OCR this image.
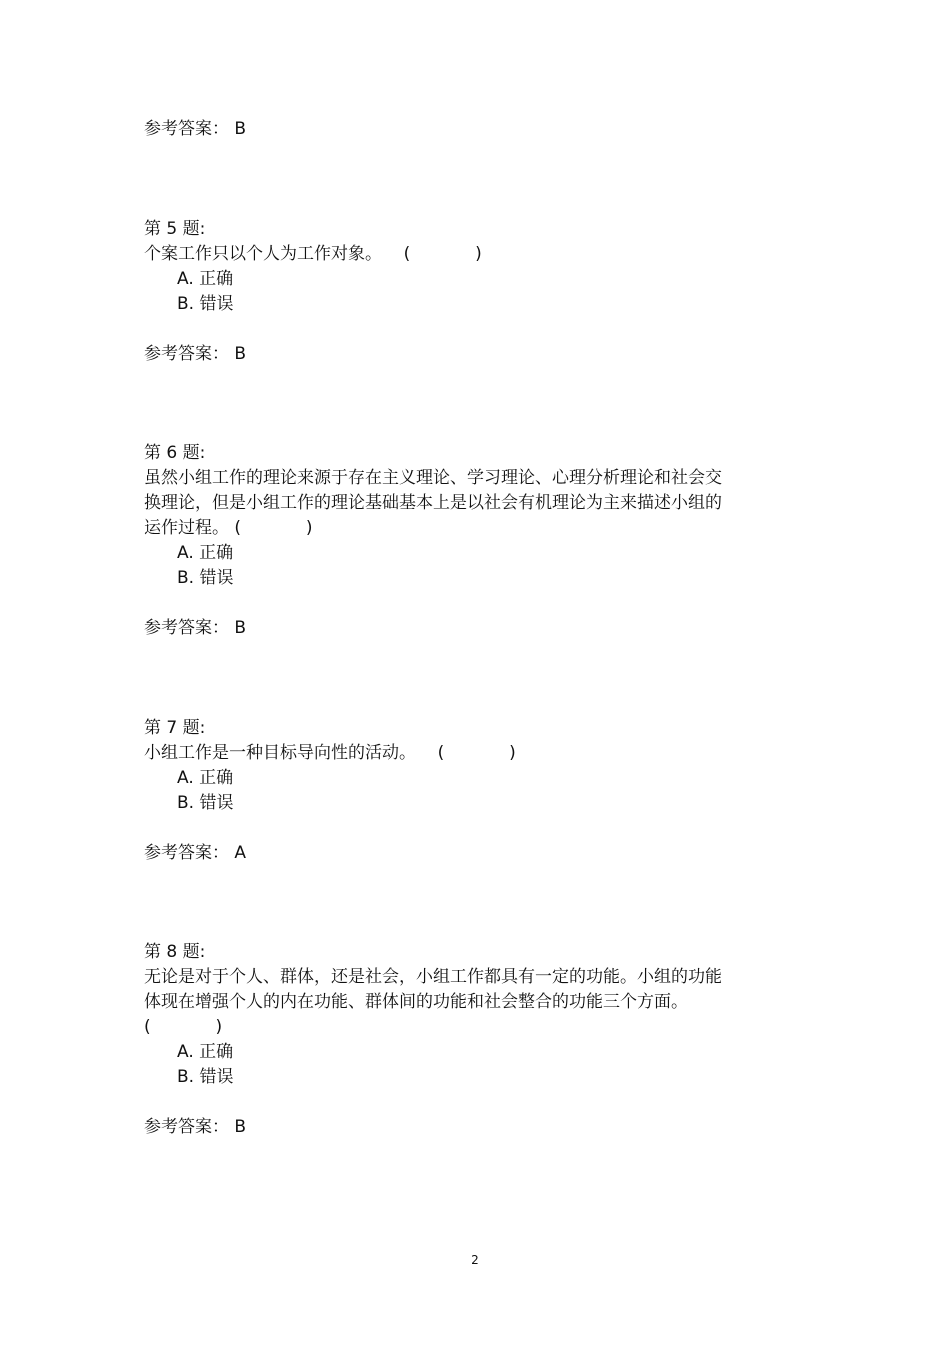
参考答案： B
第 5 题:
个案工作只以个人为工作对象。    (            )
A. 正确
B. 错误
参考答案： B
第 6 题:
虽然小组工作的理论来源于存在主义理论、学习理论、心理分析理论和社会交
换理论，但是小组工作的理论基础基本上是以社会有机理论为主来描述小组的
运作过程。 (            )
A. 正确
B. 错误
参考答案： B
第 7 题:
小组工作是一种目标导向性的活动。    (            )
A. 正确
B. 错误
参考答案： A
第 8 题:
无论是对于个人、群体，还是社会，小组工作都具有一定的功能。小组的功能
体现在增强个人的内在功能、群体间的功能和社会整合的功能三个方面。
(            )
A. 正确
B. 错误
参考答案： B
2
